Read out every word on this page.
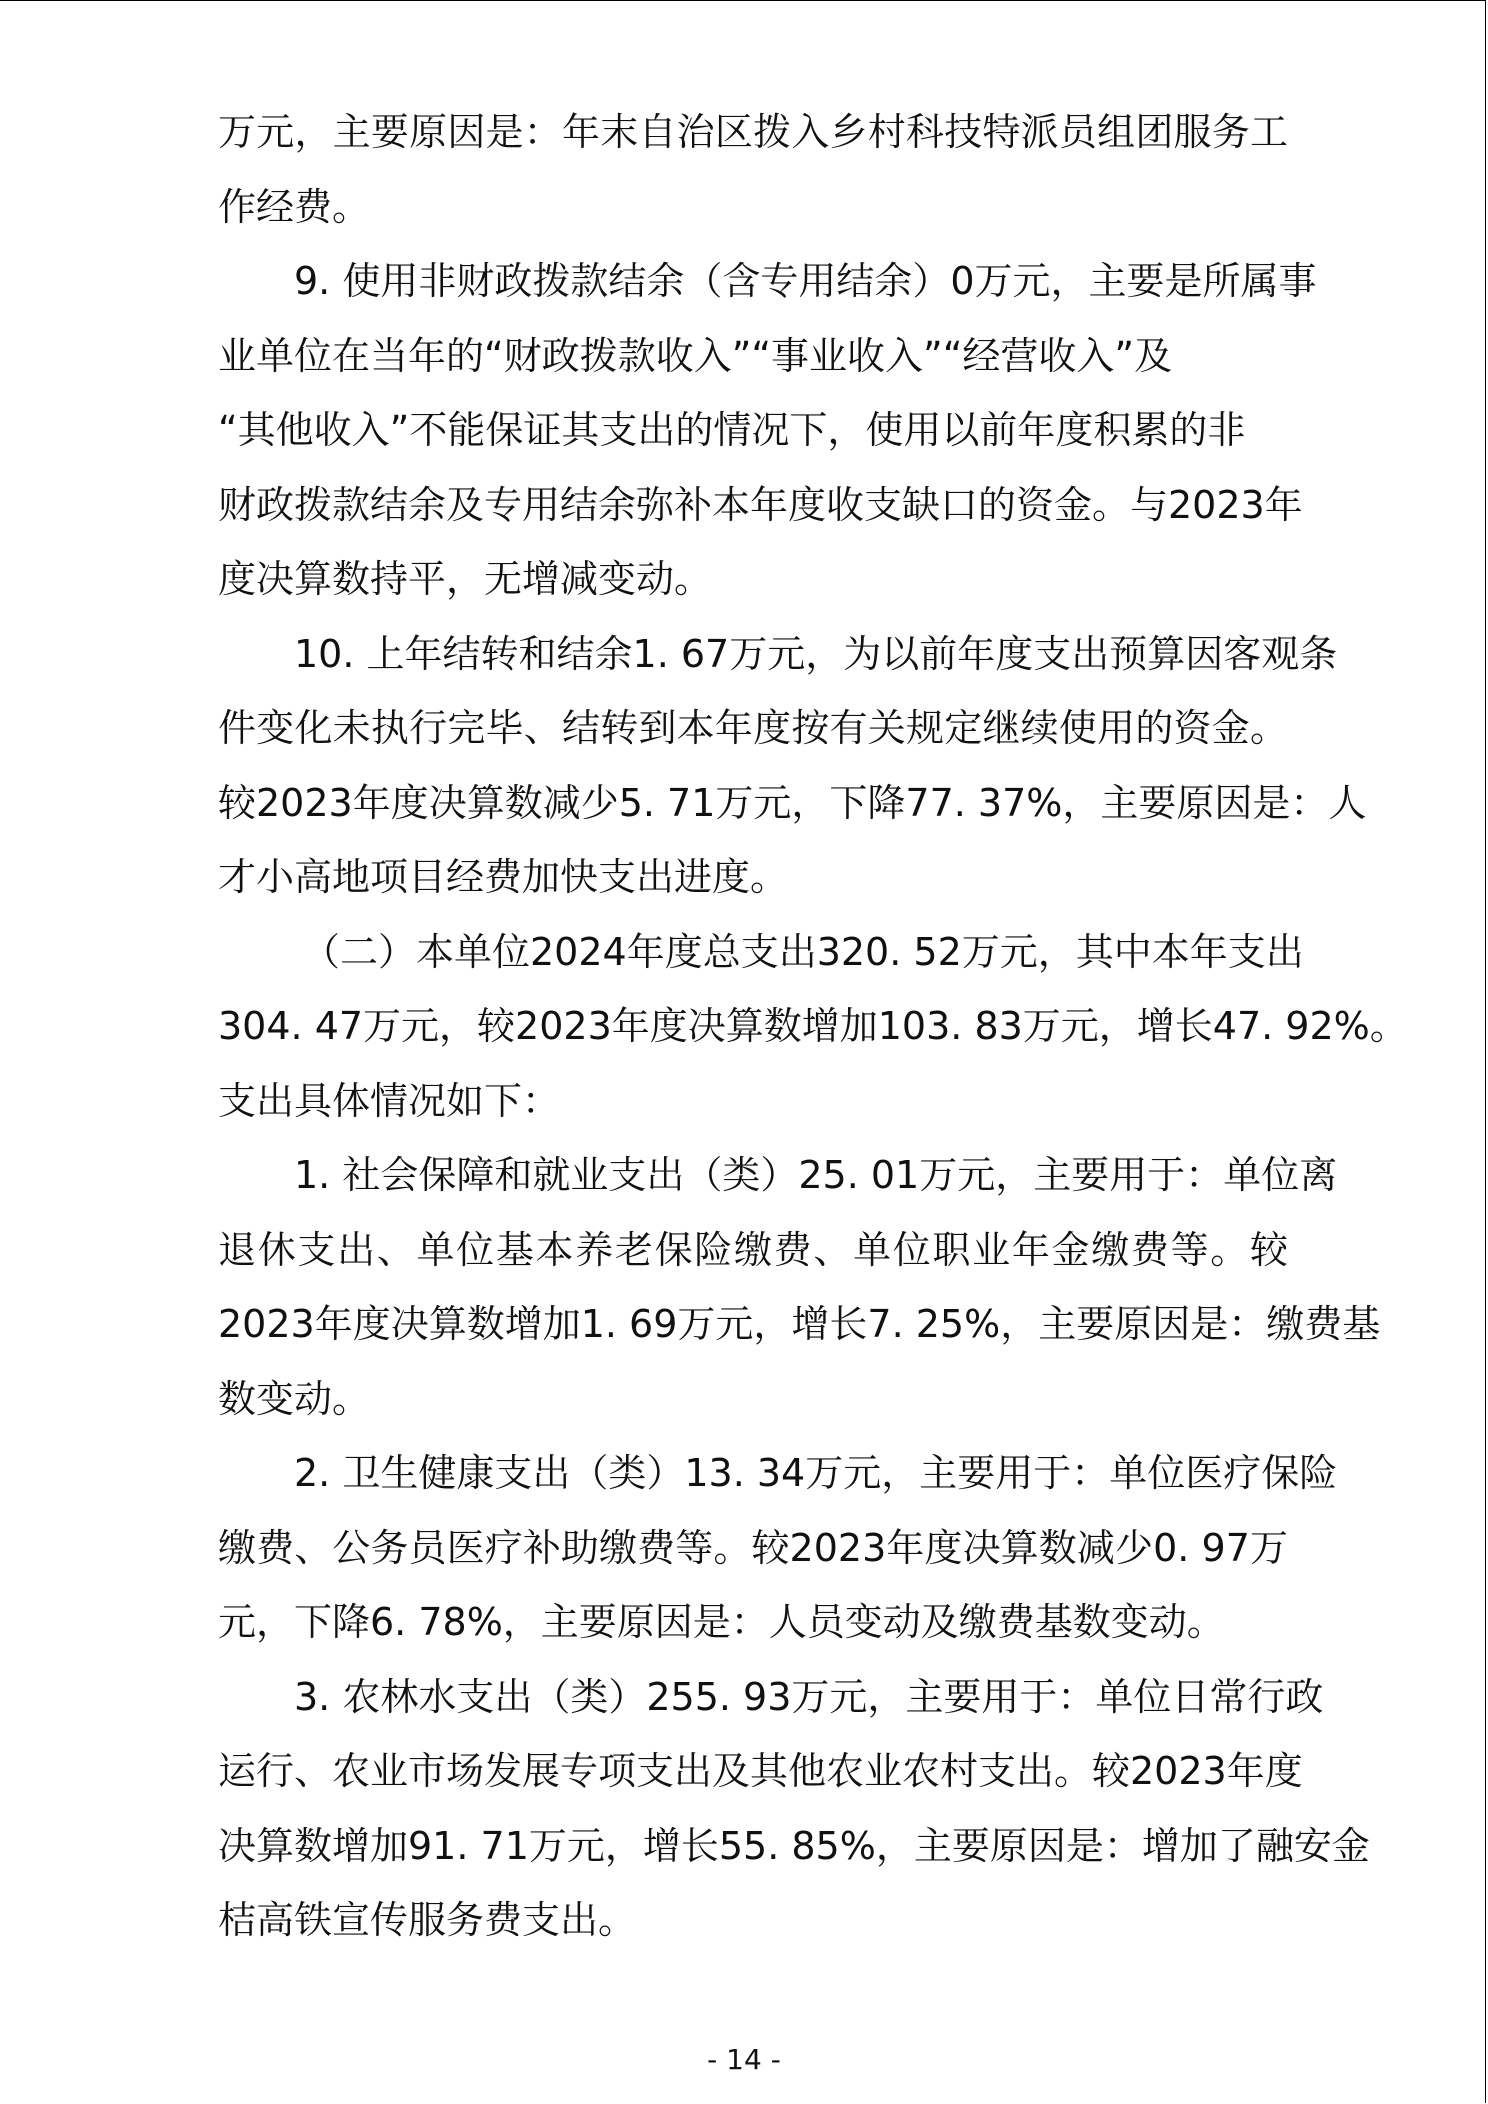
万元，主要原因是：年末自治区拨入乡村科技特派员组团服务工
作经费。
9. 使用非财政拨款结余（含专用结余）0万元，主要是所属事
业单位在当年的“财政拨款收入”“事业收入”“经营收入”及
“其他收入”不能保证其支出的情况下，使用以前年度积累的非
财政拨款结余及专用结余弥补本年度收支缺口的资金。与2023年
度决算数持平，无增减变动。
10. 上年结转和结余1. 67万元，为以前年度支出预算因客观条
件变化未执行完毕、结转到本年度按有关规定继续使用的资金。
较2023年度决算数减少5. 71万元，下降77. 37%，主要原因是：人
才小高地项目经费加快支出进度。
（二）本单位2024年度总支出320. 52万元，其中本年支出
304. 47万元，较2023年度决算数增加103. 83万元，增长47. 92%。
支出具体情况如下：
1. 社会保障和就业支出（类）25. 01万元，主要用于：单位离
退休支出、单位基本养老保险缴费、单位职业年金缴费等。较
2023年度决算数增加1. 69万元，增长7. 25%，主要原因是：缴费基
数变动。
2. 卫生健康支出（类）13. 34万元，主要用于：单位医疗保险
缴费、公务员医疗补助缴费等。较2023年度决算数减少0. 97万
元，下降6. 78%，主要原因是：人员变动及缴费基数变动。
3. 农林水支出（类）255. 93万元，主要用于：单位日常行政
运行、农业市场发展专项支出及其他农业农村支出。较2023年度
决算数增加91. 71万元，增长55. 85%，主要原因是：增加了融安金
桔高铁宣传服务费支出。
- 14 -
